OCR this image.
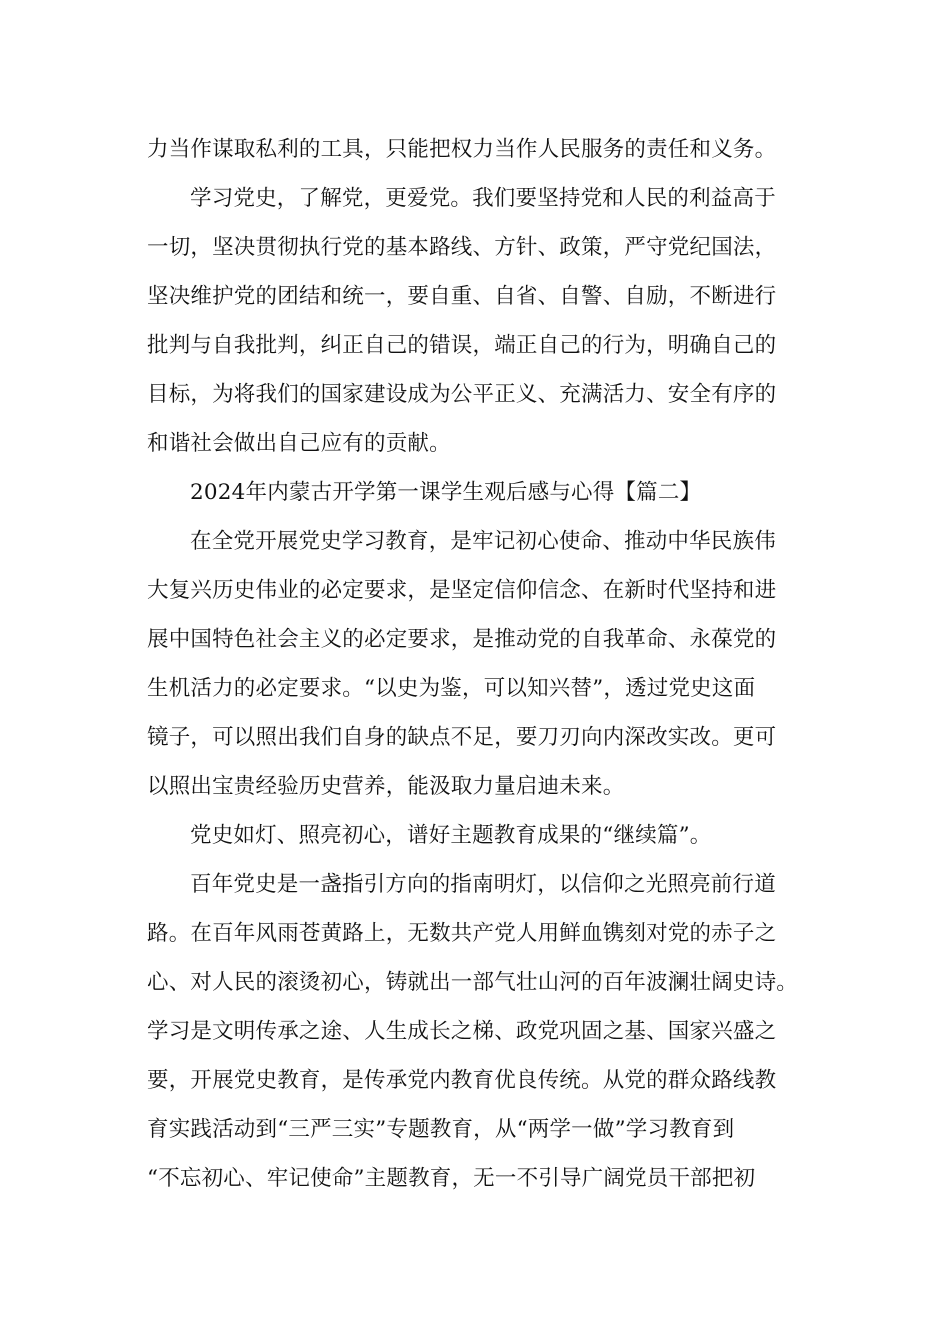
力当作谋取私利的工具，只能把权力当作人民服务的责任和义务。
学习党史，了解党，更爱党。我们要坚持党和人民的利益高于
一切，坚决贯彻执行党的基本路线、方针、政策，严守党纪国法，
坚决维护党的团结和统一，要自重、自省、自警、自励，不断进行
批判与自我批判，纠正自己的错误，端正自己的行为，明确自己的
目标，为将我们的国家建设成为公平正义、充满活力、安全有序的
和谐社会做出自己应有的贡献。
2024年内蒙古开学第一课学生观后感与心得【篇二】
在全党开展党史学习教育，是牢记初心使命、推动中华民族伟
大复兴历史伟业的必定要求，是坚定信仰信念、在新时代坚持和进
展中国特色社会主义的必定要求，是推动党的自我革命、永葆党的
生机活力的必定要求。“以史为鉴，可以知兴替”，透过党史这面
镜子，可以照出我们自身的缺点不足，要刀刃向内深改实改。更可
以照出宝贵经验历史营养，能汲取力量启迪未来。
党史如灯、照亮初心，谱好主题教育成果的“继续篇”。
百年党史是一盏指引方向的指南明灯，以信仰之光照亮前行道
路。在百年风雨苍黄路上，无数共产党人用鲜血镌刻对党的赤子之
心、对人民的滚烫初心，铸就出一部气壮山河的百年波澜壮阔史诗。
学习是文明传承之途、人生成长之梯、政党巩固之基、国家兴盛之
要，开展党史教育，是传承党内教育优良传统。从党的群众路线教
育实践活动到“三严三实”专题教育，从“两学一做”学习教育到
“不忘初心、牢记使命”主题教育，无一不引导广阔党员干部把初
